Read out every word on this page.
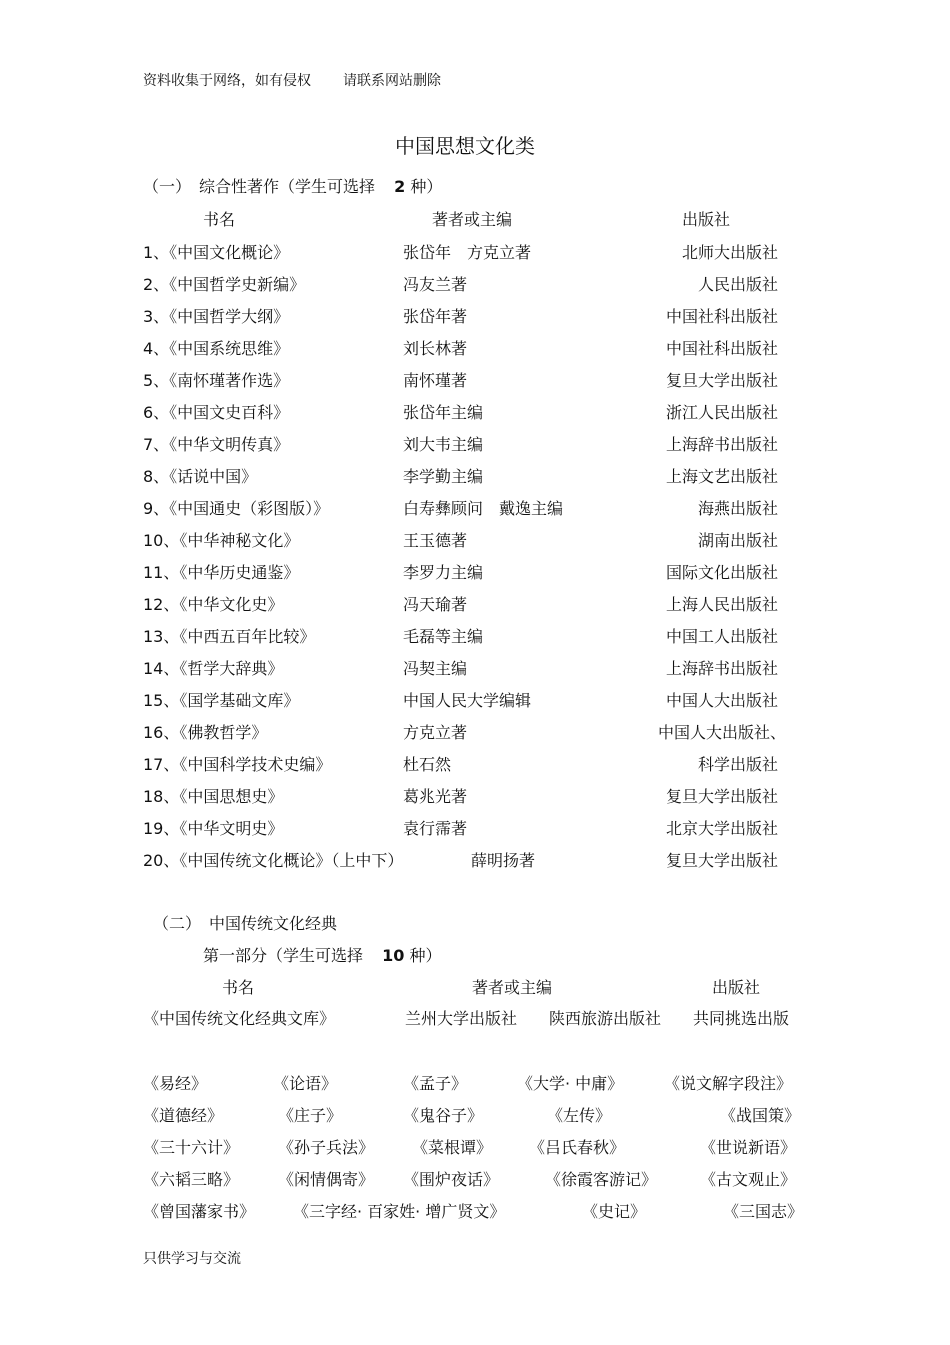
资料收集于网络，如有侵权 请联系网站删除
中国思想文化类
（一）　综合性著作（学生可选择 2 种）
书名	著者或主编	出版社
1、《中国文化概论》	张岱年　方克立著	北师大出版社
2、《中国哲学史新编》	冯友兰著	人民出版社
3、《中国哲学大纲》	张岱年著	中国社科出版社
4、《中国系统思维》	刘长林著	中国社科出版社
5、《南怀瑾著作选》	南怀瑾著	复旦大学出版社
6、《中国文史百科》	张岱年主编	浙江人民出版社
7、《中华文明传真》	刘大韦主编	上海辞书出版社
8、《话说中国》	李学勤主编	上海文艺出版社
9、《中国通史（彩图版）》	白寿彝顾问　戴逸主编	海燕出版社
10、《中华神秘文化》	王玉德著	湖南出版社
11、《中华历史通鉴》	李罗力主编	国际文化出版社
12、《中华文化史》	冯天瑜著	上海人民出版社
13、《中西五百年比较》	毛磊等主编	中国工人出版社
14、《哲学大辞典》	冯契主编	上海辞书出版社
15、《国学基础文库》	中国人民大学编辑	中国人大出版社
16、《佛教哲学》	方克立著	中国人大出版社、
17、《中国科学技术史编》	杜石然	科学出版社
18、《中国思想史》	葛兆光著	复旦大学出版社
19、《中华文明史》	袁行霈著	北京大学出版社
20、《中国传统文化概论》（上中下）	薛明扬著	复旦大学出版社
（二）　中国传统文化经典
第一部分（学生可选择 10 种）
书名	著者或主编	出版社
《中国传统文化经典文库》	兰州大学出版社 陕西旅游出版社 共同挑选出版
《易经》	《论语》	《孟子》	《大学· 中庸》	《说文解字段注》
《道德经》	《庄子》	《鬼谷子》	《左传》	《战国策》
《三十六计》 《孙子兵法》 《菜根谭》 《吕氏春秋》	《世说新语》
《六韬三略》 《闲情偶寄》 《围炉夜话》	《徐霞客游记》	《古文观止》
《曾国藩家书》 《三字经· 百家姓· 增广贤文》	《史记》	《三国志》
只供学习与交流
